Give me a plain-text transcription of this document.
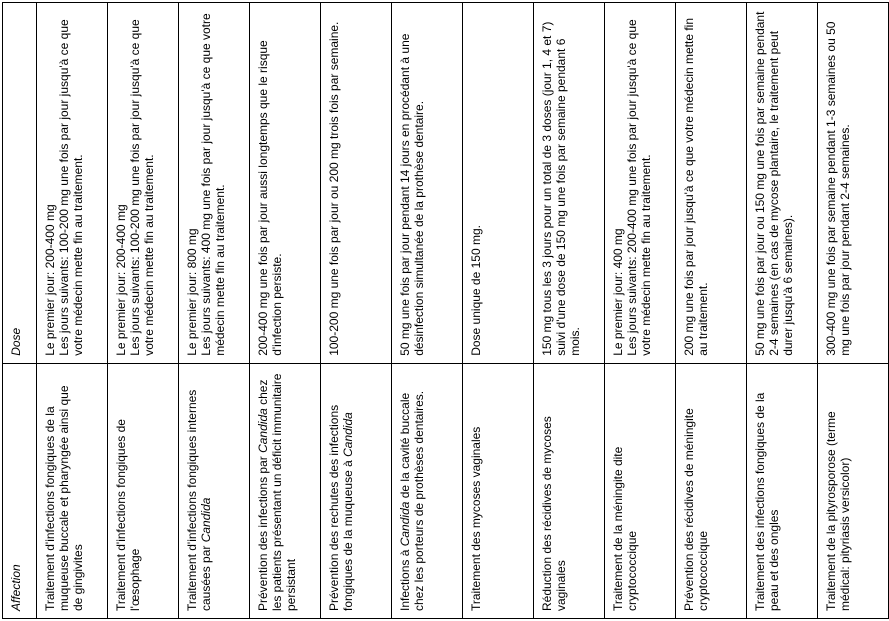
Affection	Dose
Traitement d'infections fongiques de la muqueuse buccale et pharyngée ainsi que de gingivites	Le premier jour: 200-400 mg Les jours suivants: 100-200 mg une fois par jour jusqu'à ce que votre médecin mette fin au traitement.

Traitement d'infections fongiques de l'œsophage	Le premier jour: 200-400 mg Les jours suivants: 100-200 mg une fois par jour jusqu'à ce que votre médecin mette fin au traitement.

Traitement d'infections fongiques internes causées par Candida	Le premier jour: 800 mg Les jours suivants: 400 mg une fois par jour jusqu'à ce que votre médecin mette fin au traitement.

Prévention des infections par Candida chez les patients présentant un déficit immunitaire persistant	200-400 mg une fois par jour aussi longtemps que le risque d'infection persiste.

Prévention des rechutes des infections fongiques de la muqueuse à Candida	100-200 mg une fois par jour ou 200 mg trois fois par semaine.

Infections à Candida de la cavité buccale chez les porteurs de prothèses dentaires.	50 mg une fois par jour pendant 14 jours en procédant à une désinfection simultanée de la prothèse dentaire.

Traitement des mycoses vaginales	Dose unique de 150 mg.

Réduction des récidives de mycoses vaginales	150 mg tous les 3 jours pour un total de 3 doses (jour 1, 4 et 7) suivi d'une dose de 150 mg une fois par semaine pendant 6 mois.

Traitement de la méningite dite cryptococcique	Le premier jour: 400 mg Les jours suivants: 200-400 mg une fois par jour jusqu'à ce que votre médecin mette fin au traitement.

Prévention des récidives de méningite cryptococcique	200 mg une fois par jour jusqu'à ce que votre médecin mette fin au traitement.

Traitement des infections fongiques de la peau et des ongles	50 mg une fois par jour ou 150 mg une fois par semaine pendant 2-4 semaines (en cas de mycose plantaire, le traitement peut durer jusqu'à 6 semaines).

Traitement de la pityrosporose (terme médical: pityriasis versicolor)	300-400 mg une fois par semaine pendant 1-3 semaines ou 50 mg une fois par jour pendant 2-4 semaines.
